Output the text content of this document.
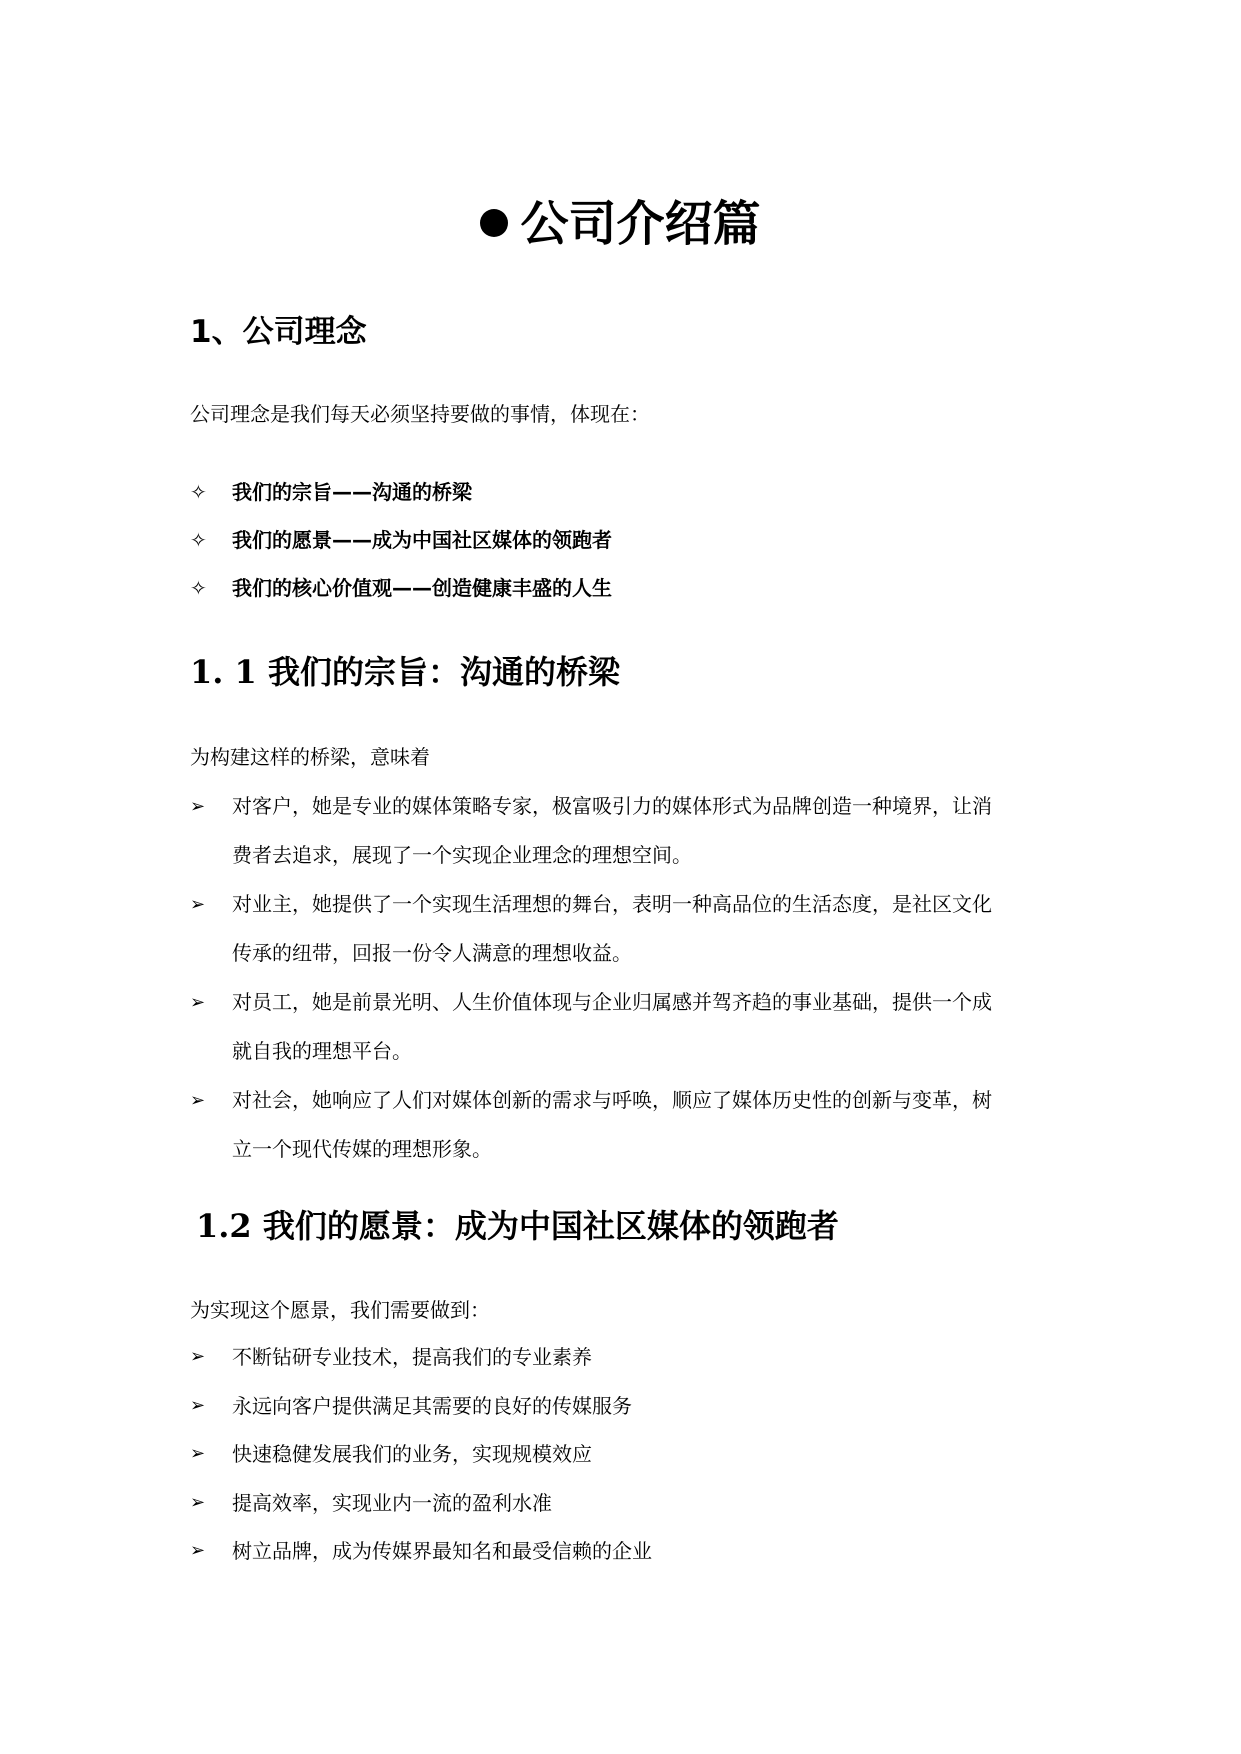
公司介绍篇
1、公司理念
公司理念是我们每天必须坚持要做的事情，体现在：
✧	我们的宗旨——沟通的桥梁
✧	我们的愿景——成为中国社区媒体的领跑者
✧	我们的核心价值观——创造健康丰盛的人生
1. 1 我们的宗旨：沟通的桥梁
为构建这样的桥梁，意味着
➢	对客户，她是专业的媒体策略专家，极富吸引力的媒体形式为品牌创造一种境界，让消
费者去追求，展现了一个实现企业理念的理想空间。
➢	对业主，她提供了一个实现生活理想的舞台，表明一种高品位的生活态度，是社区文化
传承的纽带，回报一份令人满意的理想收益。
➢	对员工，她是前景光明、人生价值体现与企业归属感并驾齐趋的事业基础，提供一个成
就自我的理想平台。
➢	对社会，她响应了人们对媒体创新的需求与呼唤，顺应了媒体历史性的创新与变革，树
立一个现代传媒的理想形象。
1.2 我们的愿景：成为中国社区媒体的领跑者
为实现这个愿景，我们需要做到：
➢	不断钻研专业技术，提高我们的专业素养
➢	永远向客户提供满足其需要的良好的传媒服务
➢	快速稳健发展我们的业务，实现规模效应
➢	提高效率，实现业内一流的盈利水准
➢	树立品牌，成为传媒界最知名和最受信赖的企业
